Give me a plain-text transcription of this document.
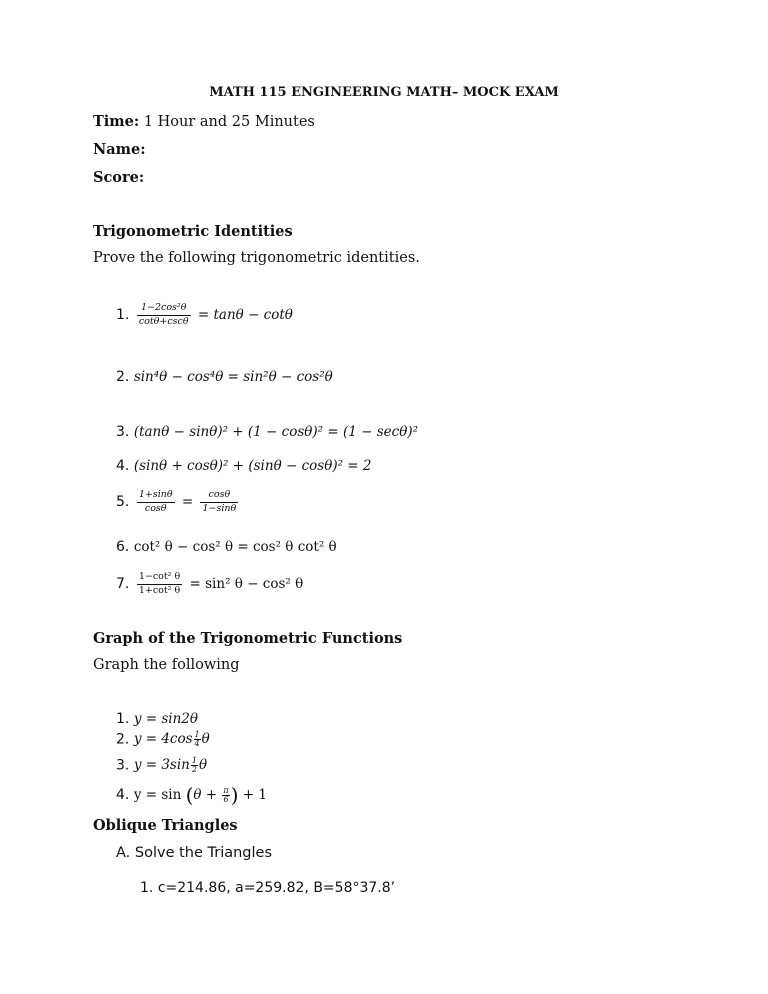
MATH 115 ENGINEERING MATH– MOCK EXAM
Time: 1 Hour and 25 Minutes
Name:
Score:
Trigonometric Identities
Prove the following trigonometric identities.
1. $\frac{\text{1−2cos²θ}}{\cot\theta+\csc\theta} = \tan\theta - \cot\theta$
2. sin⁴θ − cos⁴θ = sin²θ − cos²θ
3. (tanθ − sinθ)² + (1 − cosθ)² = (1 − secθ)²
4. (sinθ + cosθ)² + (sinθ − cosθ)² = 2
5. $\frac{1+\sin\theta}{\cos\theta} = \frac{\cos\theta}{1-\sin\theta}$
6. cot² θ − cos² θ = cos² θ cot² θ
7. $\frac{\text{1−cot² θ}}{\text{1+cot² θ}} = \sin^2$ θ − cos² θ
Graph of the Trigonometric Functions
Graph the following
1. y = sin2θ
2. $y = 4\cos \frac{1}{4}$ θ
3. $y = 3\sin \frac{1}{2}$ θ
4. $y = \sin (\theta + \frac{\pi}{6}$ ) + 1
Oblique Triangles
A. Solve the Triangles
1. c=214.86, a=259.82, B=58°37.8’
